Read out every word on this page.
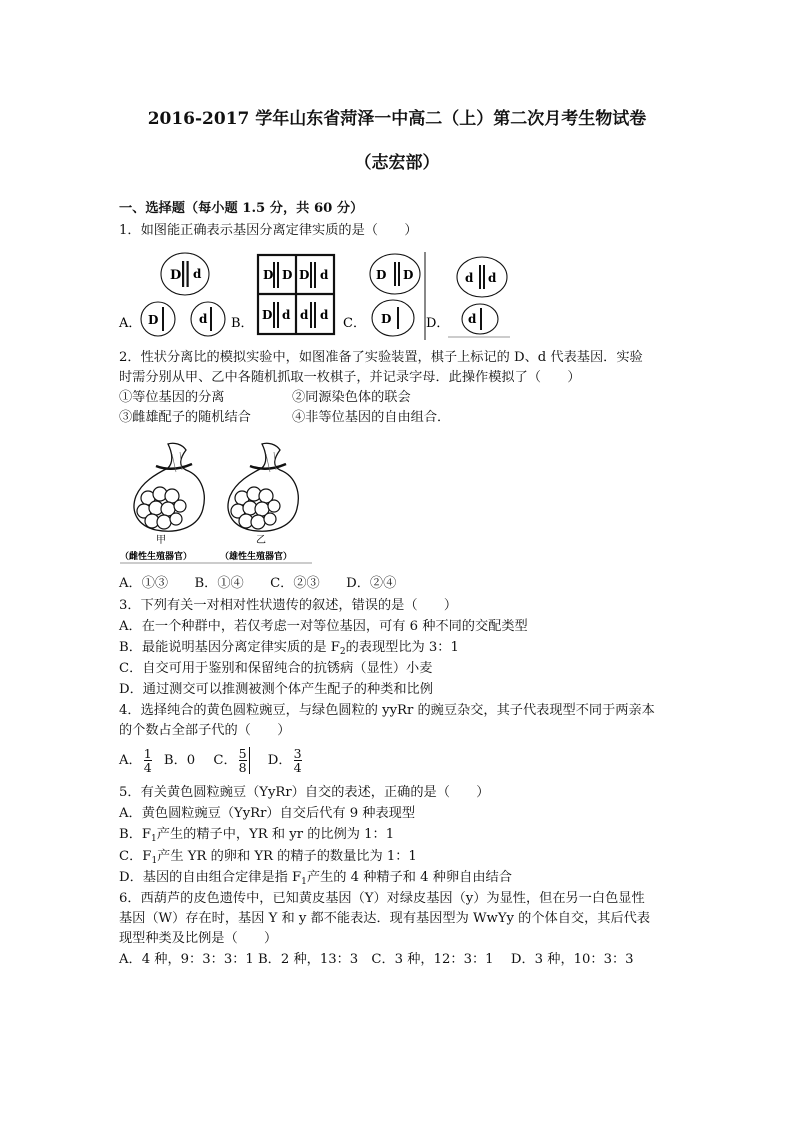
2016-2017 学年山东省菏泽一中高二（上）第二次月考生物试卷
（志宏部）
一、选择题（每小题 1.5 分，共 60 分）
1．如图能正确表示基因分离定律实质的是（　　）
A．	B．	C．	D．
D d
D	d
D D D d
D d d d
D D
D
d d
d
2．性状分离比的模拟实验中，如图准备了实验装置，棋子上标记的 D、d 代表基因．实验
时需分别从甲、乙中各随机抓取一枚棋子，并记录字母．此操作模拟了（　　）
①等位基因的分离	②同源染色体的联会
③雌雄配子的随机结合	④非等位基因的自由组合．
甲
（雌性生殖器官）
乙
（雄性生殖器官）
A．①③　　B．①④　　C．②③　　D．②④
3．下列有关一对相对性状遗传的叙述，错误的是（　　）
A．在一个种群中，若仅考虑一对等位基因，可有 6 种不同的交配类型
B．最能说明基因分离定律实质的是 $F_2$的表现型比为 3：1
C．自交可用于鉴别和保留纯合的抗锈病（显性）小麦
D．通过测交可以推测被测个体产生配子的种类和比例
4．选择纯合的黄色圆粒豌豆，与绿色圆粒的 yyRr 的豌豆杂交，其子代表现型不同于两亲本
的个数占全部子代的（　　）
A． $\frac{1}{4}$ B．0 C． $\frac{5}{8}$ D． $\frac{3}{4}$
5．有关黄色圆粒豌豆（YyRr）自交的表述，正确的是（　　）
A．黄色圆粒豌豆（YyRr）自交后代有 9 种表现型
B．$F_1$产生的精子中，YR 和 yr 的比例为 1：1
C．$F_1$产生 YR 的卵和 YR 的精子的数量比为 1：1
D．基因的自由组合定律是指 $F_1$产生的 4 种精子和 4 种卵自由结合
6．西葫芦的皮色遗传中，已知黄皮基因（Y）对绿皮基因（y）为显性，但在另一白色显性
基因（W）存在时，基因 Y 和 y 都不能表达．现有基因型为 WwYy 的个体自交，其后代表
现型种类及比例是（　　）
A．4 种，9：3：3：1 B．2 种，13：3　C．3 种，12：3：1　 D．3 种，10：3：3
